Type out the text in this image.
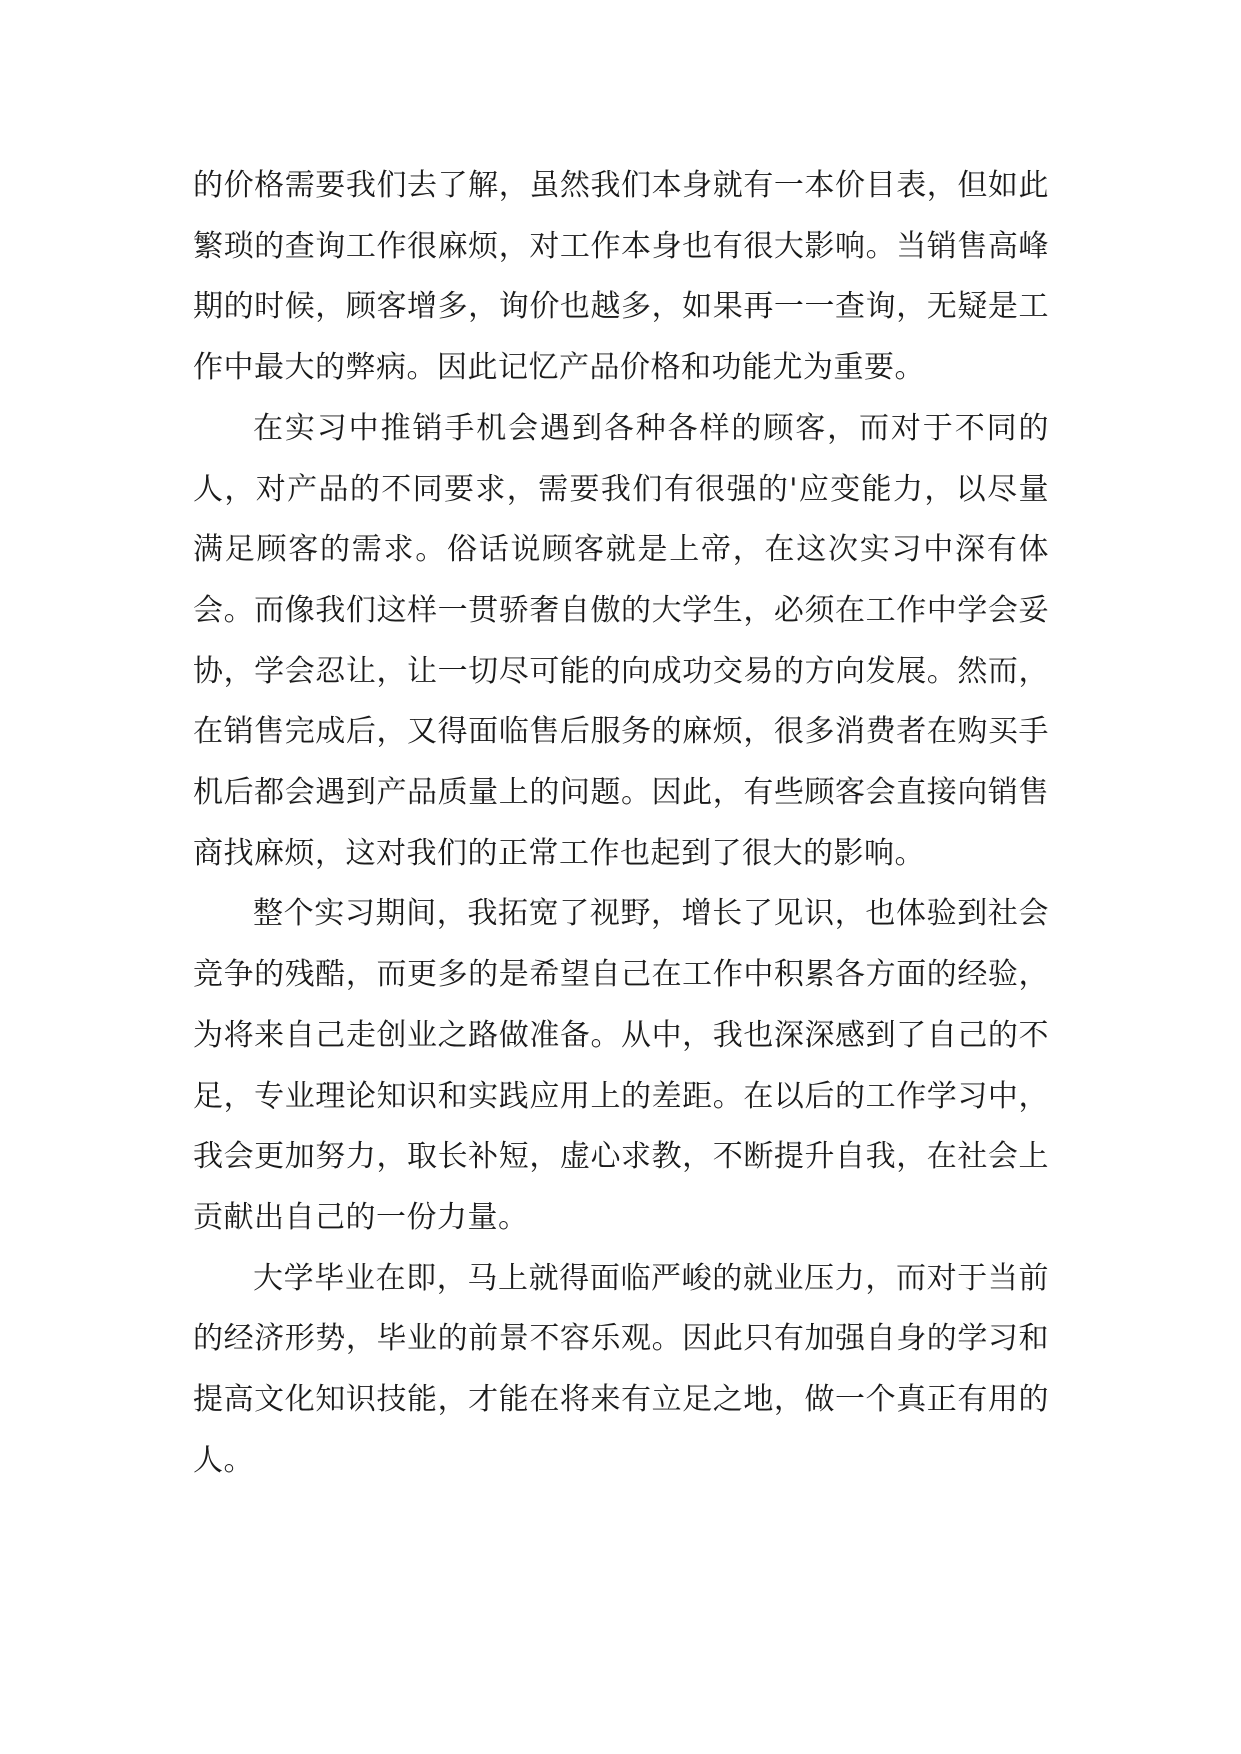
的价格需要我们去了解，虽然我们本身就有一本价目表，但如此繁琐的查询工作很麻烦，对工作本身也有很大影响。当销售高峰期的时候，顾客增多，询价也越多，如果再一一查询，无疑是工作中最大的弊病。因此记忆产品价格和功能尤为重要。

在实习中推销手机会遇到各种各样的顾客，而对于不同的人，对产品的不同要求，需要我们有很强的'应变能力，以尽量满足顾客的需求。俗话说顾客就是上帝，在这次实习中深有体会。而像我们这样一贯骄奢自傲的大学生，必须在工作中学会妥协，学会忍让，让一切尽可能的向成功交易的方向发展。然而，在销售完成后，又得面临售后服务的麻烦，很多消费者在购买手机后都会遇到产品质量上的问题。因此，有些顾客会直接向销售商找麻烦，这对我们的正常工作也起到了很大的影响。

整个实习期间，我拓宽了视野，增长了见识，也体验到社会竞争的残酷，而更多的是希望自己在工作中积累各方面的经验，为将来自己走创业之路做准备。从中，我也深深感到了自己的不足，专业理论知识和实践应用上的差距。在以后的工作学习中，我会更加努力，取长补短，虚心求教，不断提升自我，在社会上贡献出自己的一份力量。

大学毕业在即，马上就得面临严峻的就业压力，而对于当前的经济形势，毕业的前景不容乐观。因此只有加强自身的学习和提高文化知识技能，才能在将来有立足之地，做一个真正有用的人。
